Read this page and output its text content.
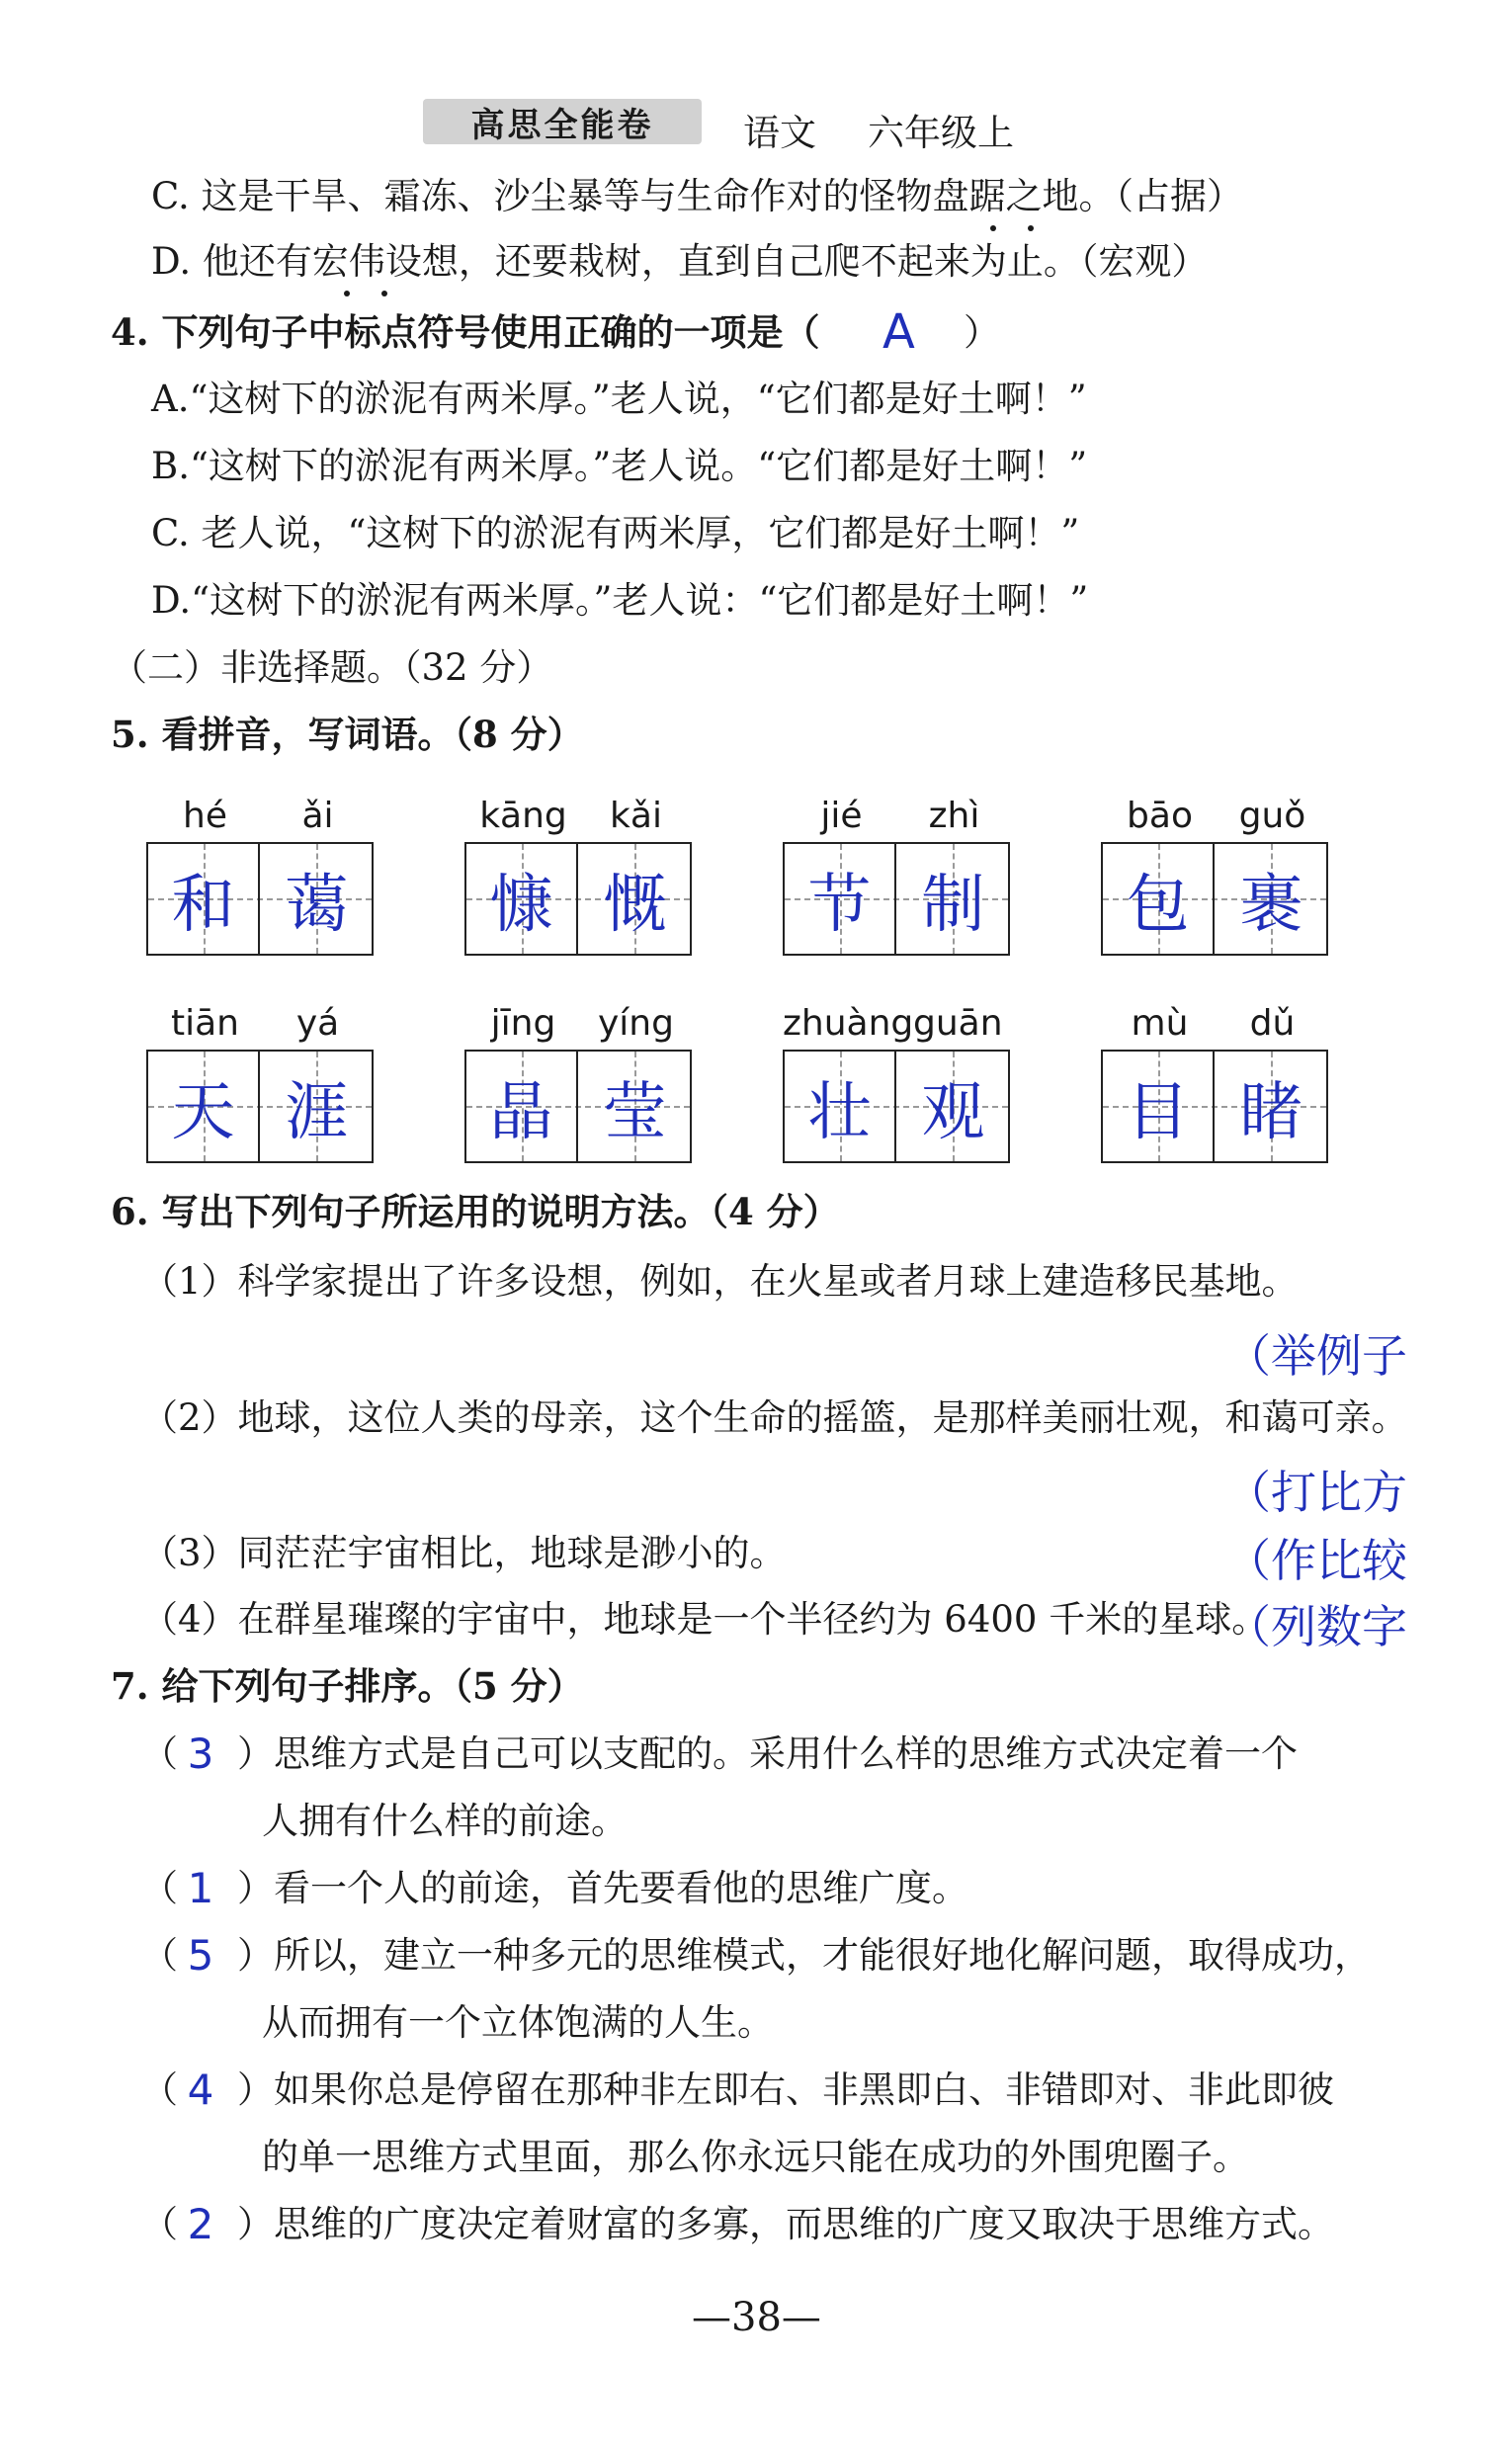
高思全能卷	语文 六年级上
C. 这是干旱、霜冻、沙尘暴等与生命作对的怪物盘踞之地。（占据）
D. 他还有宏伟设想，还要栽树，直到自己爬不起来为止。（宏观）
4. 下列句子中标点符号使用正确的一项是（ A ）
A.“这树下的淤泥有两米厚。”老人说，“它们都是好土啊！”
B.“这树下的淤泥有两米厚。”老人说。“它们都是好土啊！”
C. 老人说，“这树下的淤泥有两米厚，它们都是好土啊！”
D.“这树下的淤泥有两米厚。”老人说：“它们都是好土啊！”
（二）非选择题。（32 分）
5. 看拼音，写词语。（8 分）
hé	ǎi	kāng	kǎi	jié	zhì	bāo	guǒ
和 蔼	慷 慨	节 制	包 裹
tiān	yá	jīng	yíng	zhuàng guān	mù	dǔ
天 涯	晶 莹	壮 观	目 睹
6. 写出下列句子所运用的说明方法。（4 分）
（1）科学家提出了许多设想，例如，在火星或者月球上建造移民基地。
（举例子
（2）地球，这位人类的母亲，这个生命的摇篮，是那样美丽壮观，和蔼可亲。
（打比方
（3）同茫茫宇宙相比，地球是渺小的。	（作比较
（4）在群星璀璨的宇宙中，地球是一个半径约为 6400 千米的星球。
（列数字
7. 给下列句子排序。（5 分）
（ 3 ）思维方式是自己可以支配的。采用什么样的思维方式决定着一个
人拥有什么样的前途。
（ 1 ）看一个人的前途，首先要看他的思维广度。
（ 5 ）所以，建立一种多元的思维模式，才能很好地化解问题，取得成功，
从而拥有一个立体饱满的人生。
（ 4 ）如果你总是停留在那种非左即右、非黑即白、非错即对、非此即彼
的单一思维方式里面，那么你永远只能在成功的外围兜圈子。
（ 2 ）思维的广度决定着财富的多寡，而思维的广度又取决于思维方式。
—38—
